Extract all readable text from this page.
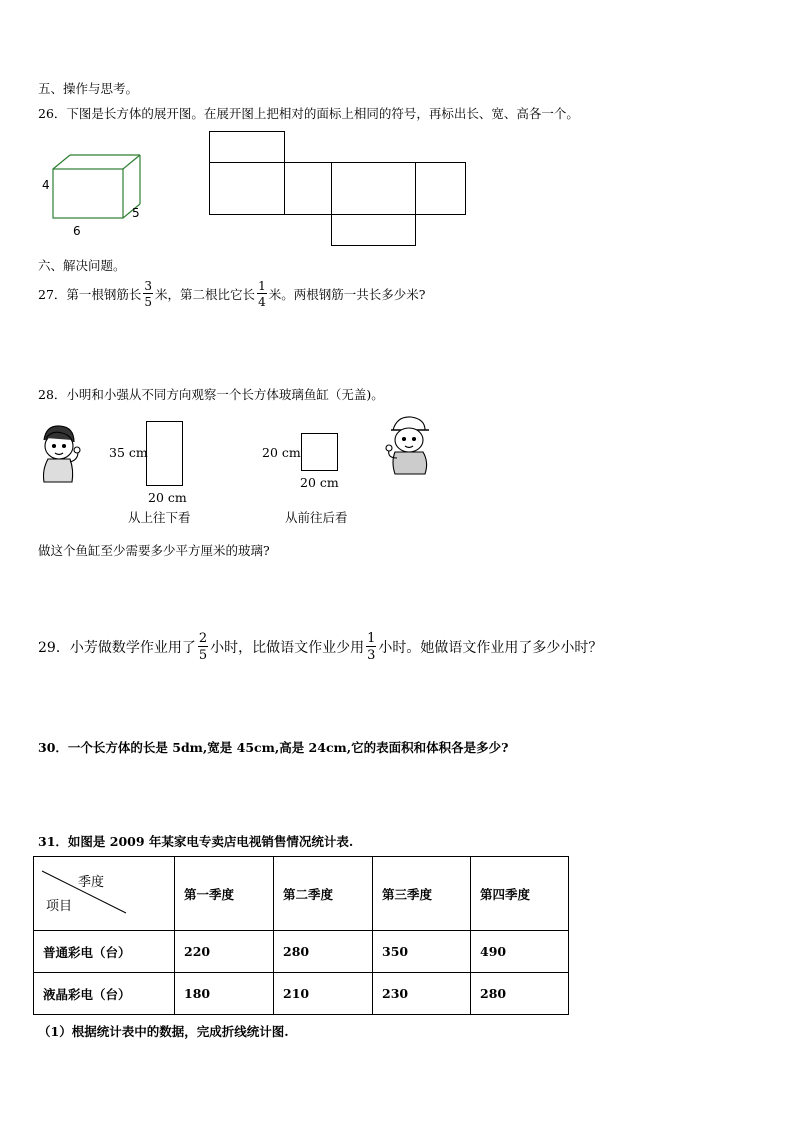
五、操作与思考。
26．下图是长方体的展开图。在展开图上把相对的面标上相同的符号，再标出长、宽、高各一个。
4
5
6
六、解决问题。
27．第一根钢筋长 $\frac{3}{5}$ 米，第二根比它长 $\frac{1}{4}$ 米。两根钢筋一共长多少米?
28．小明和小强从不同方向观察一个长方体玻璃鱼缸（无盖)。
35 cm
20 cm
从上往下看
20 cm
20 cm
从前往后看
做这个鱼缸至少需要多少平方厘米的玻璃?
29．小芳做数学作业用了 $\frac{2}{5}$ 小时，比做语文作业少用 $\frac{1}{3}$ 小时。她做语文作业用了多少小时？
30．一个长方体的长是 5dm,宽是 45cm,高是 24cm,它的表面积和体积各是多少?
31．如图是 2009 年某家电专卖店电视销售情况统计表.
季度
项目	第一季度	第二季度	第三季度	第四季度
普通彩电（台）	220	280	350	490
液晶彩电（台）	180	210	230	280
（1）根据统计表中的数据，完成折线统计图.
